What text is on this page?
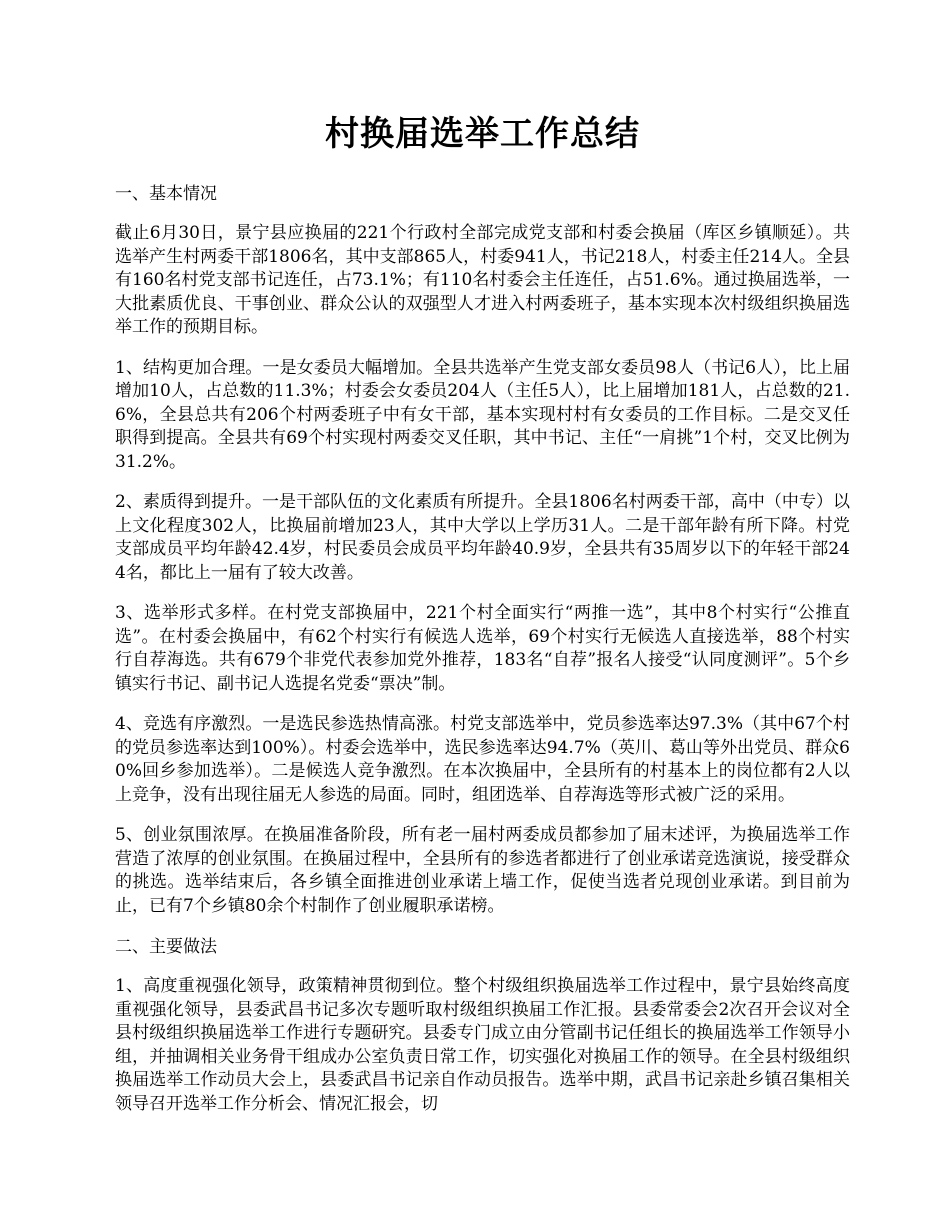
村换届选举工作总结
一、基本情况

截止6月30日，景宁县应换届的221个行政村全部完成党支部和村委会换届（库区乡镇顺延）。共选举产生村两委干部1806名，其中支部865人，村委941人，书记218人，村委主任214人。全县有160名村党支部书记连任，占73.1%；有110名村委会主任连任，占51.6%。通过换届选举，一大批素质优良、干事创业、群众公认的双强型人才进入村两委班子，基本实现本次村级组织换届选举工作的预期目标。

1、结构更加合理。一是女委员大幅增加。全县共选举产生党支部女委员98人（书记6人），比上届增加10人，占总数的11.3%；村委会女委员204人（主任5人），比上届增加181人，占总数的21.6%，全县总共有206个村两委班子中有女干部，基本实现村村有女委员的工作目标。二是交叉任职得到提高。全县共有69个村实现村两委交叉任职，其中书记、主任“一肩挑”1个村，交叉比例为31.2%。

2、素质得到提升。一是干部队伍的文化素质有所提升。全县1806名村两委干部，高中（中专）以上文化程度302人，比换届前增加23人，其中大学以上学历31人。二是干部年龄有所下降。村党支部成员平均年龄42.4岁，村民委员会成员平均年龄40.9岁，全县共有35周岁以下的年轻干部244名，都比上一届有了较大改善。

3、选举形式多样。在村党支部换届中，221个村全面实行“两推一选”，其中8个村实行“公推直选”。在村委会换届中，有62个村实行有候选人选举，69个村实行无候选人直接选举，88个村实行自荐海选。共有679个非党代表参加党外推荐，183名“自荐”报名人接受“认同度测评”。5个乡镇实行书记、副书记人选提名党委“票决”制。

4、竞选有序激烈。一是选民参选热情高涨。村党支部选举中，党员参选率达97.3%（其中67个村的党员参选率达到100%）。村委会选举中，选民参选率达94.7%（英川、葛山等外出党员、群众60%回乡参加选举）。二是候选人竞争激烈。在本次换届中，全县所有的村基本上的岗位都有2人以上竞争，没有出现往届无人参选的局面。同时，组团选举、自荐海选等形式被广泛的采用。

5、创业氛围浓厚。在换届准备阶段，所有老一届村两委成员都参加了届末述评，为换届选举工作营造了浓厚的创业氛围。在换届过程中，全县所有的参选者都进行了创业承诺竞选演说，接受群众的挑选。选举结束后，各乡镇全面推进创业承诺上墙工作，促使当选者兑现创业承诺。到目前为止，已有7个乡镇80余个村制作了创业履职承诺榜。

二、主要做法

1、高度重视强化领导，政策精神贯彻到位。整个村级组织换届选举工作过程中，景宁县始终高度重视强化领导，县委武昌书记多次专题听取村级组织换届工作汇报。县委常委会2次召开会议对全县村级组织换届选举工作进行专题研究。县委专门成立由分管副书记任组长的换届选举工作领导小组，并抽调相关业务骨干组成办公室负责日常工作，切实强化对换届工作的领导。在全县村级组织换届选举工作动员大会上，县委武昌书记亲自作动员报告。选举中期，武昌书记亲赴乡镇召集相关领导召开选举工作分析会、情况汇报会，切
